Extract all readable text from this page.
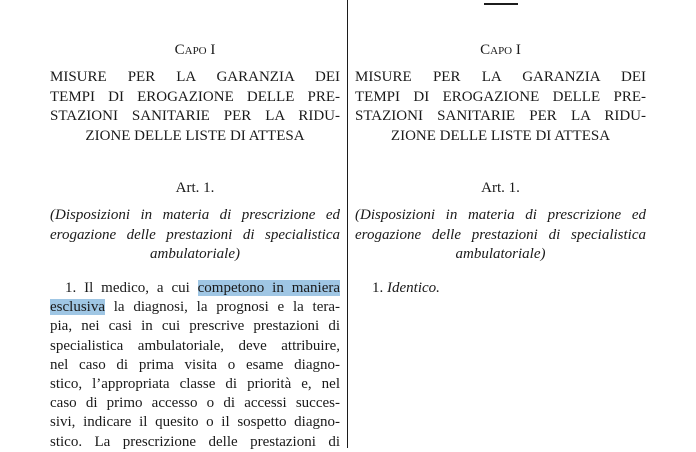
Capo I
MISURE PER LA GARANZIA DEI
TEMPI DI EROGAZIONE DELLE PRE-
STAZIONI SANITARIE PER LA RIDU-
ZIONE DELLE LISTE DI ATTESA
Art. 1.
(Disposizioni in materia di prescrizione ed
erogazione delle prestazioni di specialistica
ambulatoriale)
1. Il medico, a cui competono in maniera
esclusiva la diagnosi, la prognosi e la tera-
pia, nei casi in cui prescrive prestazioni di
specialistica ambulatoriale, deve attribuire,
nel caso di prima visita o esame diagno-
stico, l’appropriata classe di priorità e, nel
caso di primo accesso o di accessi succes-
sivi, indicare il quesito o il sospetto diagno-
stico. La prescrizione delle prestazioni di
Capo I
MISURE PER LA GARANZIA DEI
TEMPI DI EROGAZIONE DELLE PRE-
STAZIONI SANITARIE PER LA RIDU-
ZIONE DELLE LISTE DI ATTESA
Art. 1.
(Disposizioni in materia di prescrizione ed
erogazione delle prestazioni di specialistica
ambulatoriale)
1. Identico.
